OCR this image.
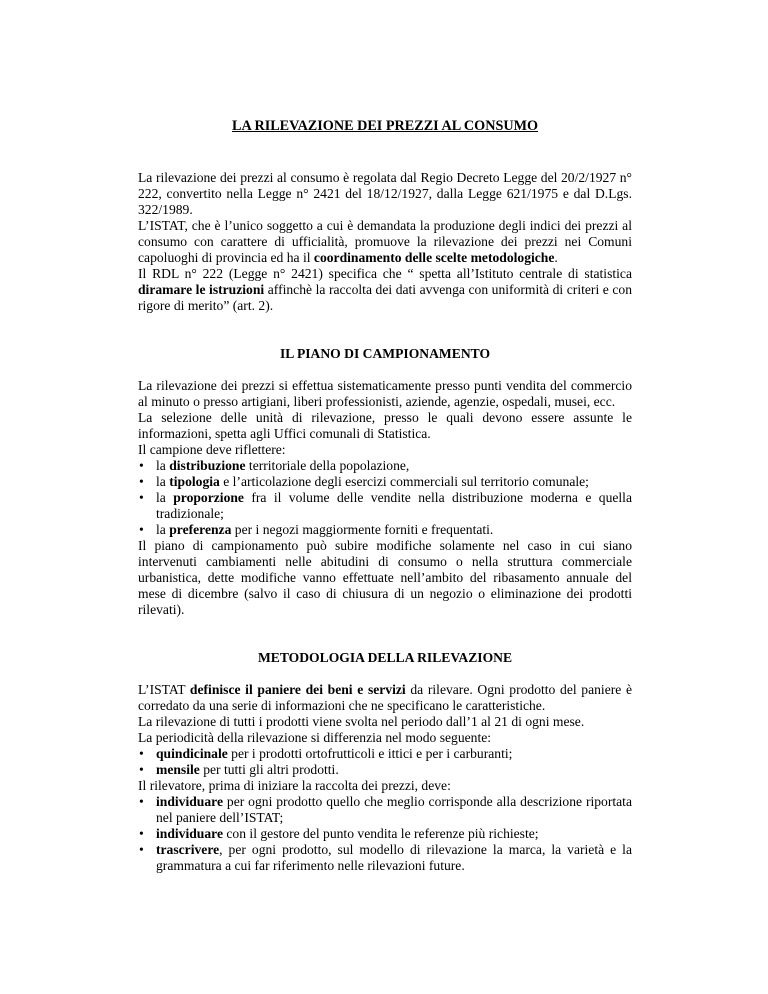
LA RILEVAZIONE DEI PREZZI AL CONSUMO

La rilevazione dei prezzi al consumo è regolata dal Regio Decreto Legge del 20/2/1927 n° 222, convertito nella Legge n° 2421 del 18/12/1927, dalla Legge 621/1975 e dal D.Lgs. 322/1989.

L’ISTAT, che è l’unico soggetto a cui è demandata la produzione degli indici dei prezzi al consumo con carattere di ufficialità, promuove la rilevazione dei prezzi nei Comuni capoluoghi di provincia ed ha il coordinamento delle scelte metodologiche.

Il RDL n° 222 (Legge n° 2421) specifica che “ spetta all’Istituto centrale di statistica diramare le istruzioni affinchè la raccolta dei dati avvenga con uniformità di criteri e con rigore di merito” (art. 2).

IL PIANO DI CAMPIONAMENTO

La rilevazione dei prezzi si effettua sistematicamente presso punti vendita del commercio al minuto o presso artigiani, liberi professionisti, aziende, agenzie, ospedali, musei, ecc.

La selezione delle unità di rilevazione, presso le quali devono essere assunte le informazioni, spetta agli Uffici comunali di Statistica.

Il campione deve riflettere:

• la distribuzione territoriale della popolazione,
• la tipologia e l’articolazione degli esercizi commerciali sul territorio comunale;
• la proporzione fra il volume delle vendite nella distribuzione moderna e quella tradizionale;
• la preferenza per i negozi maggiormente forniti e frequentati.

Il piano di campionamento può subire modifiche solamente nel caso in cui siano intervenuti cambiamenti nelle abitudini di consumo o nella struttura commerciale urbanistica, dette modifiche vanno effettuate nell’ambito del ribasamento annuale del mese di dicembre (salvo il caso di chiusura di un negozio o eliminazione dei prodotti rilevati).

METODOLOGIA DELLA RILEVAZIONE

L’ISTAT definisce il paniere dei beni e servizi da rilevare. Ogni prodotto del paniere è corredato da una serie di informazioni che ne specificano le caratteristiche.

La rilevazione di tutti i prodotti viene svolta nel periodo dall’1 al 21 di ogni mese.

La periodicità della rilevazione si differenzia nel modo seguente:

• quindicinale per i prodotti ortofrutticoli e ittici e per i carburanti;
• mensile per tutti gli altri prodotti.

Il rilevatore, prima di iniziare la raccolta dei prezzi, deve:

• individuare per ogni prodotto quello che meglio corrisponde alla descrizione riportata nel paniere dell’ISTAT;
• individuare con il gestore del punto vendita le referenze più richieste;
• trascrivere, per ogni prodotto, sul modello di rilevazione la marca, la varietà e la grammatura a cui far riferimento nelle rilevazioni future.
